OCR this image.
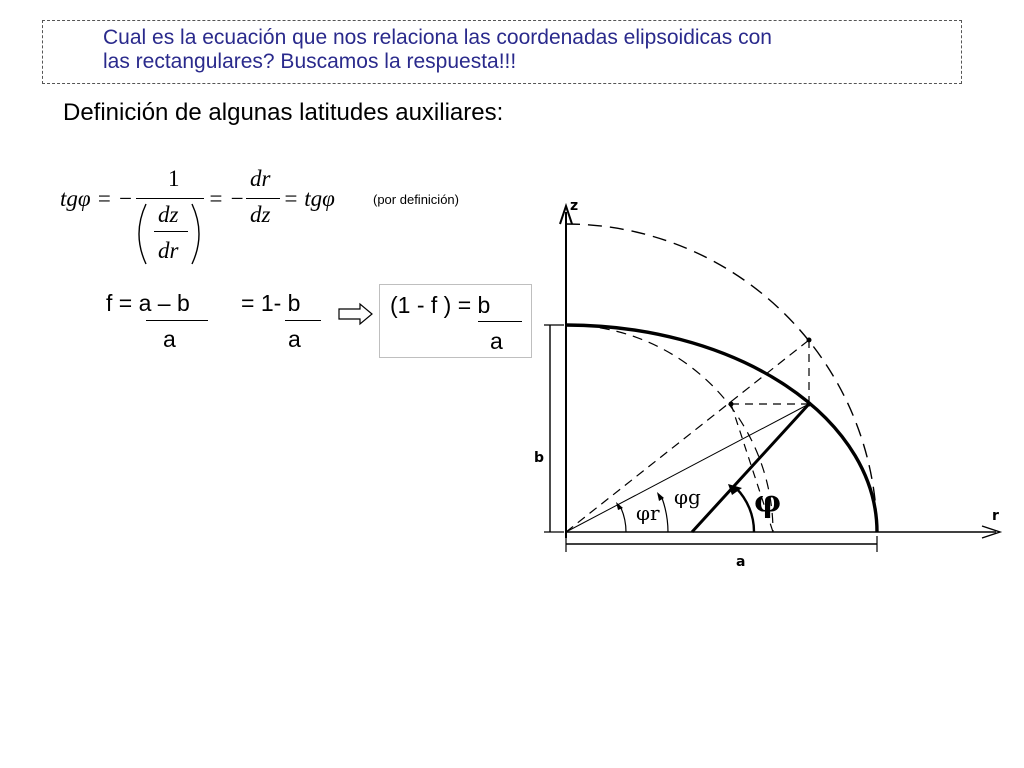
Cual es la ecuación que nos relaciona las coordenadas elipsoidicas con
las rectangulares? Buscamos la respuesta!!!
Definición de algunas latitudes auxiliares:
tgφ = −
1
dz
dr
= −
dr
dz
= tgφ	(por definición)
f = a – b
a
= 1- b
a
(1 - f ) = b
a
z
r
b
a
φr
φg φ
